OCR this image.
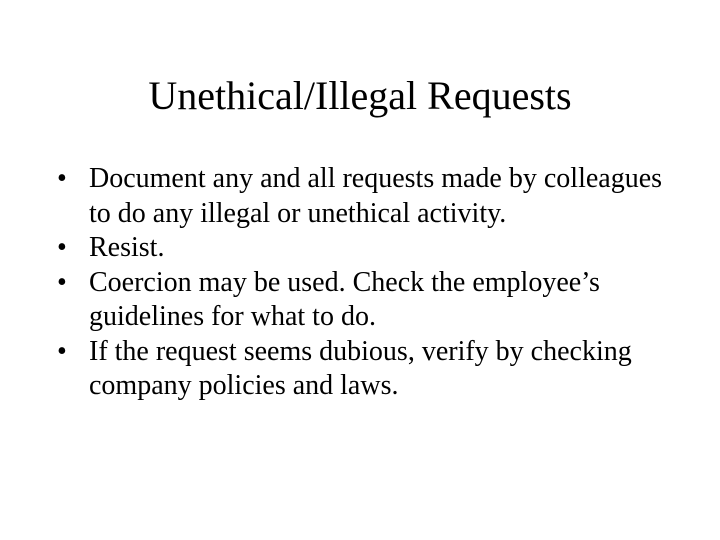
Unethical/Illegal Requests
• Document any and all requests made by colleagues to do any illegal or unethical activity.
• Resist.
• Coercion may be used. Check the employee’s guidelines for what to do.
• If the request seems dubious, verify by checking company policies and laws.
